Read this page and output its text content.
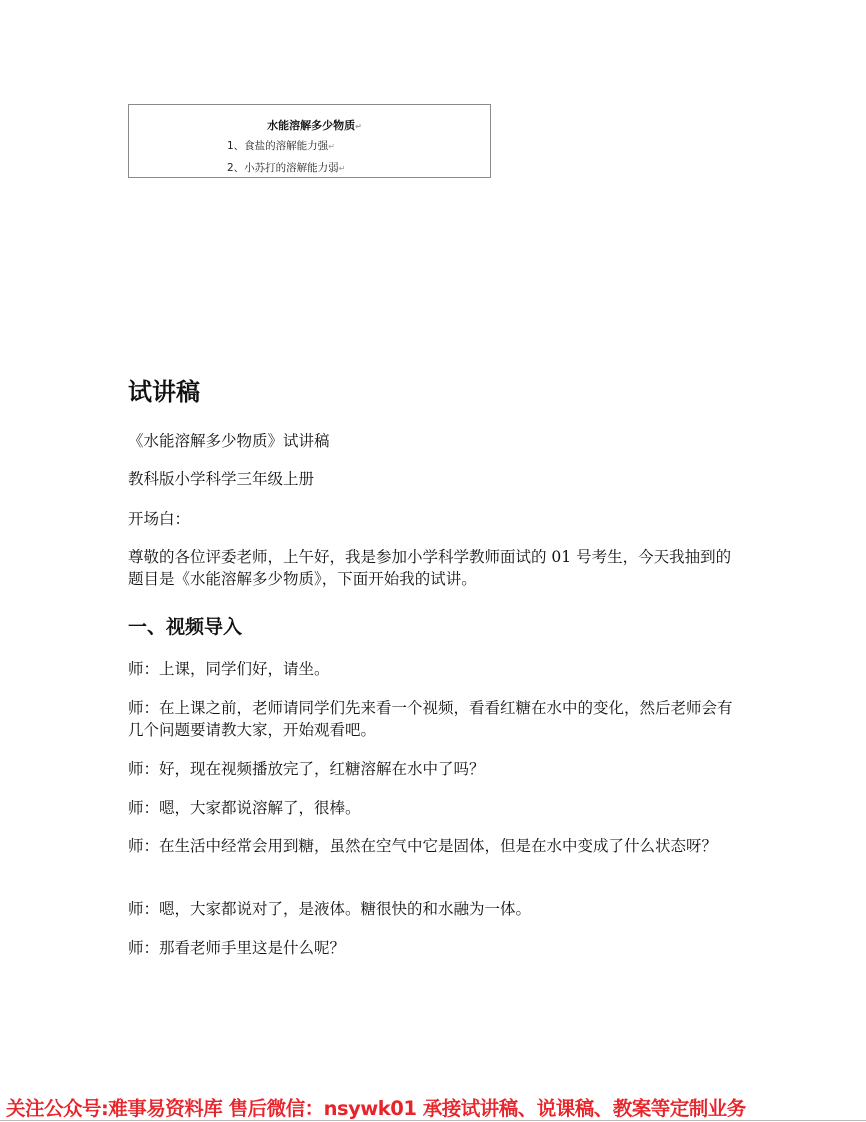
水能溶解多少物质↵
1、食盐的溶解能力强↵
2、小苏打的溶解能力弱↵
试讲稿
《水能溶解多少物质》试讲稿
教科版小学科学三年级上册
开场白：
尊敬的各位评委老师，上午好，我是参加小学科学教师面试的 01 号考生，今天我抽到的题目是《水能溶解多少物质》，下面开始我的试讲。
一、视频导入
师：上课，同学们好，请坐。
师：在上课之前，老师请同学们先来看一个视频，看看红糖在水中的变化，然后老师会有几个问题要请教大家，开始观看吧。
师：好，现在视频播放完了，红糖溶解在水中了吗？
师：嗯，大家都说溶解了，很棒。
师：在生活中经常会用到糖，虽然在空气中它是固体，但是在水中变成了什么状态呀？
师：嗯，大家都说对了，是液体。糖很快的和水融为一体。
师：那看老师手里这是什么呢？
关注公众号:难事易资料库 售后微信：nsywk01 承接试讲稿、说课稿、教案等定制业务
